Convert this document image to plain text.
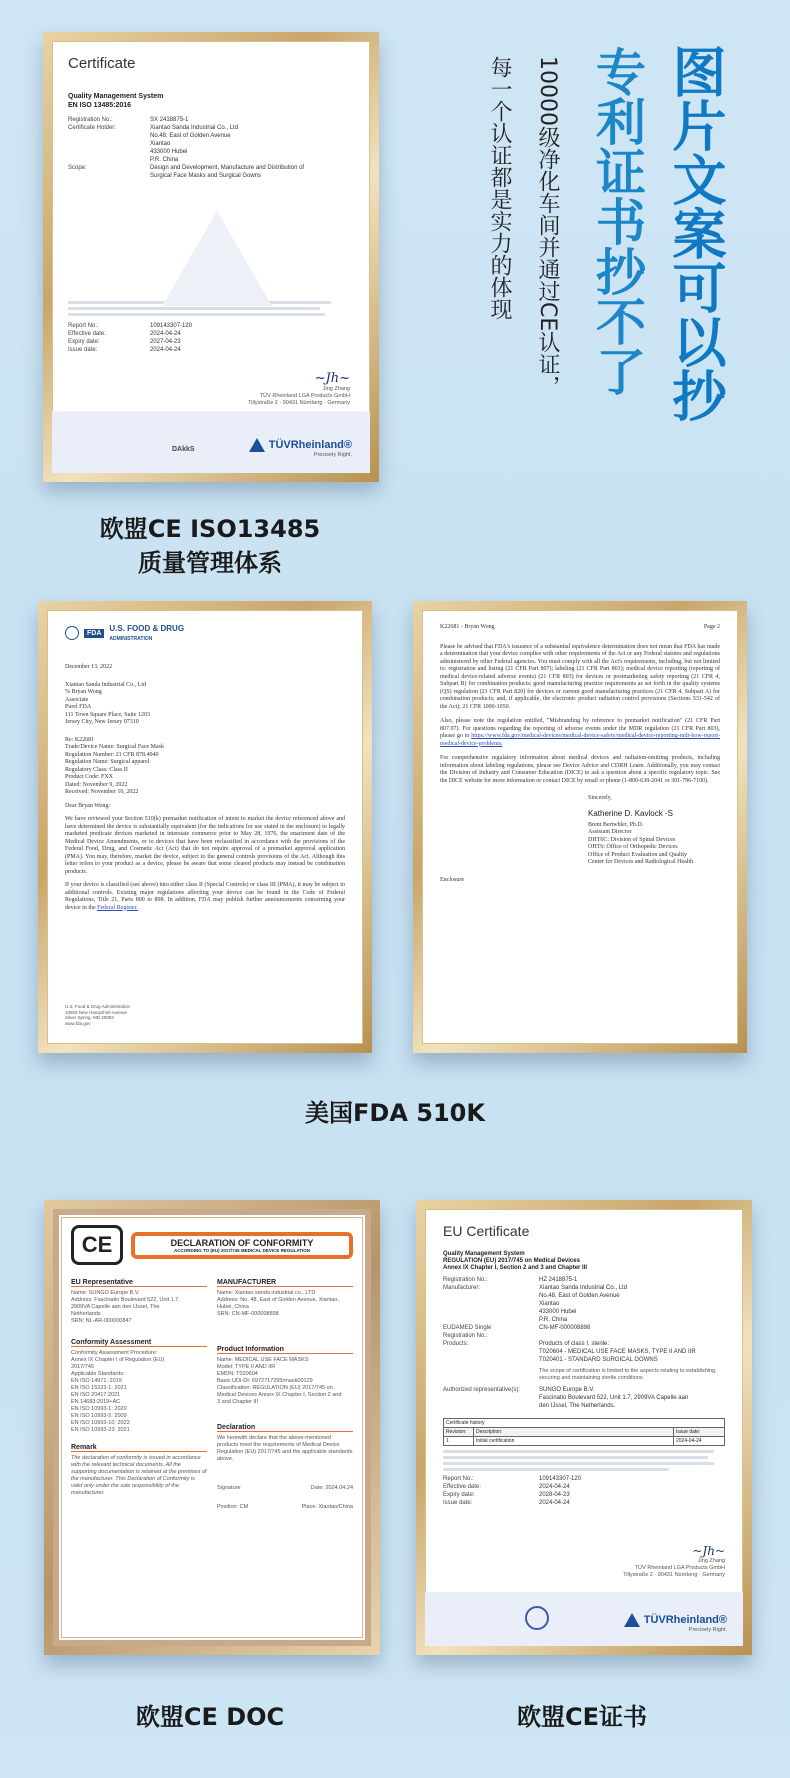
图片文案可以抄
专利证书抄不了
10000级净化车间并通过CE认证，
每一个认证都是实力的体现
Certificate
Quality Management System
EN ISO 13485:2016
Registration No.:	SX 2418875-1
Certificate Holder:	Xiantao Sanda Industrial Co., Ltd
No.48, East of Golden Avenue
Xiantao
433000 Hubei
P.R. China
Scope:	Design and Development, Manufacture and Distribution of
Surgical Face Masks and Surgical Gowns
Report No.:	109143307-120
Effective date:	2024-04-24
Expiry date:	2027-04-23
Issue date:	2024-04-24
~Jh~
Jing Zhang
TÜV Rheinland LGA Products GmbH
Tillystraße 2 · 90431 Nürnberg · Germany
DAkkS	TÜVRheinland®
Precisely Right.
欧盟CE ISO13485
质量管理体系
FDA	U.S. FOOD & DRUG
ADMINISTRATION
December 13, 2022
Xiantao Sanda Industrial Co., Ltd
% Bryan Wong
Associate
Purel FDA
111 Town Square Place, Suite 1203
Jersey City, New Jersey 07310
Re: K22681
Trade/Device Name: Surgical Face Mask
Regulation Number: 21 CFR 878.4040
Regulation Name: Surgical apparel
Regulatory Class: Class II
Product Code: FXX
Dated: November 9, 2022
Received: November 10, 2022
Dear Bryan Wong:
We have reviewed your Section 510(k) premarket notification of intent to market the device referenced above and have determined the device is substantially equivalent (for the indications for use stated in the enclosure) to legally marketed predicate devices marketed in interstate commerce prior to May 28, 1976, the enactment date of the Medical Device Amendments, or to devices that have been reclassified in accordance with the provisions of the Federal Food, Drug, and Cosmetic Act (Act) that do not require approval of a premarket approval application (PMA). You may, therefore, market the device, subject to the general controls provisions of the Act. Although this letter refers to your product as a device, please be aware that some cleared products may instead be combination products.
If your device is classified (see above) into either class II (Special Controls) or class III (PMA), it may be subject to additional controls. Existing major regulations affecting your device can be found in the Code of Federal Regulations, Title 21, Parts 800 to 898. In addition, FDA may publish further announcements concerning your device in the Federal Register.
U.S. Food & Drug Administration
10903 New Hampshire Avenue
Silver Spring, MD 20993
www.fda.gov
K22681 - Bryan Wong	Page 2
Please be advised that FDA's issuance of a substantial equivalence determination does not mean that FDA has made a determination that your device complies with other requirements of the Act or any Federal statutes and regulations administered by other Federal agencies. You must comply with all the Act's requirements, including, but not limited to: registration and listing (21 CFR Part 807); labeling (21 CFR Part 801); medical device reporting (reporting of medical device-related adverse events) (21 CFR 803) for devices or postmarketing safety reporting (21 CFR 4, Subpart B) for combination products; good manufacturing practice requirements as set forth in the quality systems (QS) regulation (21 CFR Part 820) for devices or current good manufacturing practices (21 CFR 4, Subpart A) for combination products; and, if applicable, the electronic product radiation control provisions (Sections 531-542 of the Act); 21 CFR 1000-1050.
Also, please note the regulation entitled, "Misbranding by reference to premarket notification" (21 CFR Part 807.97). For questions regarding the reporting of adverse events under the MDR regulation (21 CFR Part 803), please go to https://www.fda.gov/medical-devices/medical-device-safety/medical-device-reporting-mdr-how-report-medical-device-problems.
For comprehensive regulatory information about medical devices and radiation-emitting products, including information about labeling regulations, please see Device Advice and CDRH Learn. Additionally, you may contact the Division of Industry and Consumer Education (DICE) to ask a question about a specific regulatory topic. See the DICE website for more information or contact DICE by email or phone (1-800-638-2041 or 301-796-7100).
Sincerely,
Katherine D. Kavlock -S
Brent Bertwhler, Ph.D.
Assistant Director
DHT6C: Division of Spinal Devices
OHT6: Office of Orthopedic Devices
Office of Product Evaluation and Quality
Center for Devices and Radiological Health
Enclosure
美国FDA 510K
CE	DECLARATION OF CONFORMITY
ACCORDING TO (EU) 2017/745 MEDICAL DEVICE REGULATION
EU Representative
Name: SUNGO Europe B.V.
Address: Fascinatio Boulevard 522, Unit 1.7,
2909VA Capelle aan den IJssel, The
Netherlands
SRN: NL-AR-000000847
Conformity Assessment
Conformity Assessment Procedure:
Annex IX Chapter I of Regulation (EU)
2017/745
Applicable Standards:
EN ISO 14971: 2019
EN ISO 15223-1: 2021
EN ISO 20417:2021
EN 14683:2019+AC
EN ISO 10993-1: 2020
EN ISO 10993-5: 2009
EN ISO 10993-10: 2023
EN ISO 10993-23: 2021
Remark
The declaration of conformity is issued in accordance with the relevant technical documents. All the supporting documentation is retained at the premises of the manufacturer. This Declaration of Conformity is valid only under the sole responsibility of the manufacturer.
MANUFACTURER
Name: Xiantao sanda industrial co., LTD
Address: No. 48, East of Golden Avenue, Xiantao,
Hubei, China
SRN: CN-MF-000008898
Product Information
Name: MEDICAL USE FACE MASKS
Model: TYPE II AND IIR
EMDN: T020604
Basic UDI-DI: 6972717295rmask00129
Classification: REGULATION (EU) 2017/745 on
Medical Devices Annex IX Chapter I, Section 2 and
3 and Chapter III
Declaration
We herewith declare that the above-mentioned products meet the requirements of Medical Device Regulation (EU) 2017/745 and the applicable standards above.
Signature	Date: 2024.04.24
Position: CM	Place: Xiantao/China
欧盟CE DOC
EU Certificate
Quality Management System
REGULATION (EU) 2017/745 on Medical Devices
Annex IX Chapter I, Section 2 and 3 and Chapter III
Registration No.:	HZ 2418875-1
Manufacturer:	Xiantao Sanda Industrial Co., Ltd
No.48, East of Golden Avenue
Xiantao
433000 Hubei
P.R. China
EUDAMED Single	CN-MF-000008898
Registration No.:
Products:	Products of class I, sterile:
T020604 - MEDICAL USE FACE MASKS, TYPE II AND IIR
T020401 - STANDARD SURGICAL GOWNS
The scope of certification is limited to the aspects relating to establishing, securing and maintaining sterile conditions.
Authorized representative(s):	SUNGO Europe B.V.
Fascinatio Boulevard 522, Unit 1.7, 2909VA Capelle aan
den IJssel, The Netherlands.
Certificate history
Revision:	Description:	Issue date:
1	Initial certification	2024-04-24
Report No.:	109143307-120
Effective date:	2024-04-24
Expiry date:	2028-04-23
Issue date:	2024-04-24
~Jh~
Jing Zhang
TÜV Rheinland LGA Products GmbH
Tillystraße 2 · 90431 Nürnberg · Germany
TÜVRheinland®
Precisely Right.
欧盟CE证书
